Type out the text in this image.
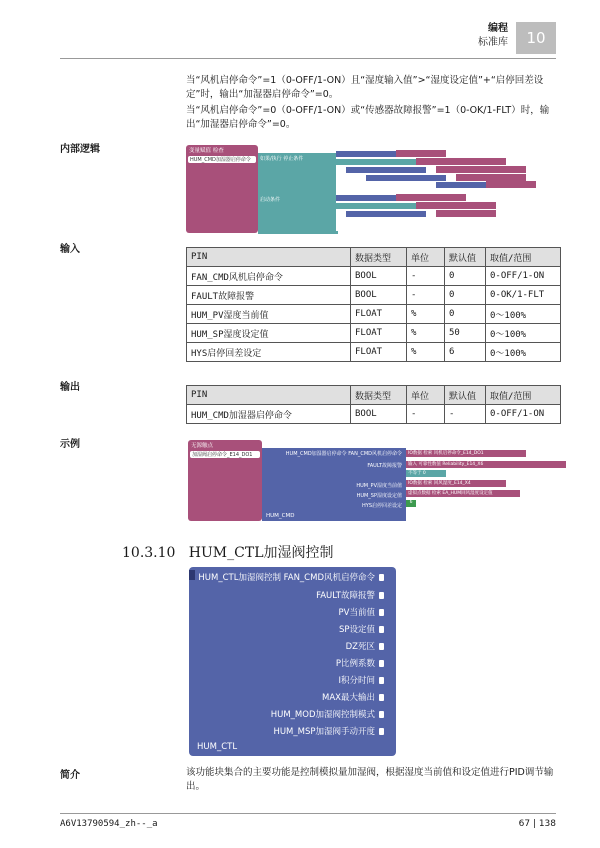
编程
标准库	10
当“风机启停命令”=1（0-OFF/1-ON）且“湿度输入值”>“湿度设定值”+“启停回差设定”时，输出“加湿器启停命令”=0。
当“风机启停命令”=0（0-OFF/1-ON）或“传感器故障报警”=1（0-OK/1-FLT）时，输出“加湿器启停命令”=0。
内部逻辑	变量赋值 检查
HUM_CMD加湿器启停命令	如果/执行 停止条件
启动条件
输入
PIN	数据类型	单位	默认值	取值/范围
FAN_CMD风机启停命令	BOOL	-	0	0-OFF/1-ON
FAULT故障报警	BOOL	-	0	0-OK/1-FLT
HUM_PV湿度当前值	FLOAT	%	0	0～100%
HUM_SP湿度设定值	FLOAT	%	50	0～100%
HYS启停回差设定	FLOAT	%	6	0～100%
输出
PIN	数据类型	单位	默认值	取值/范围
HUM_CMD加湿器启停命令	BOOL	-	-	0-OFF/1-ON
示例	无源触点
加湿阀启停命令_E14_DO1	HUM_CMD加湿器启停命令 FAN_CMD风机启停命令
FAULT故障报警
HUM_PV湿度当前值
HUM_SP湿度设定值
HYS启停回差设定
HUM_CMD
IO数据 检索 风机启停命令_E14_DO1
输入 可靠性数值 Reliability_E14_X6
不等于 0
IO数据 检索 回风湿度_E14_X4
虚拟点数据 检索 EA_HUM回风湿度设定值
6
10.3.10 HUM_CTL加湿阀控制
HUM_CTL加湿阀控制 FAN_CMD风机启停命令
FAULT故障报警
PV当前值
SP设定值
DZ死区
P比例系数
I积分时间
MAX最大输出
HUM_MOD加湿阀控制模式
HUM_MSP加湿阀手动开度
HUM_CTL
简介	该功能块集合的主要功能是控制模拟量加湿阀，根据湿度当前值和设定值进行PID调节输出。
A6V13790594_zh--_a	67 | 138
